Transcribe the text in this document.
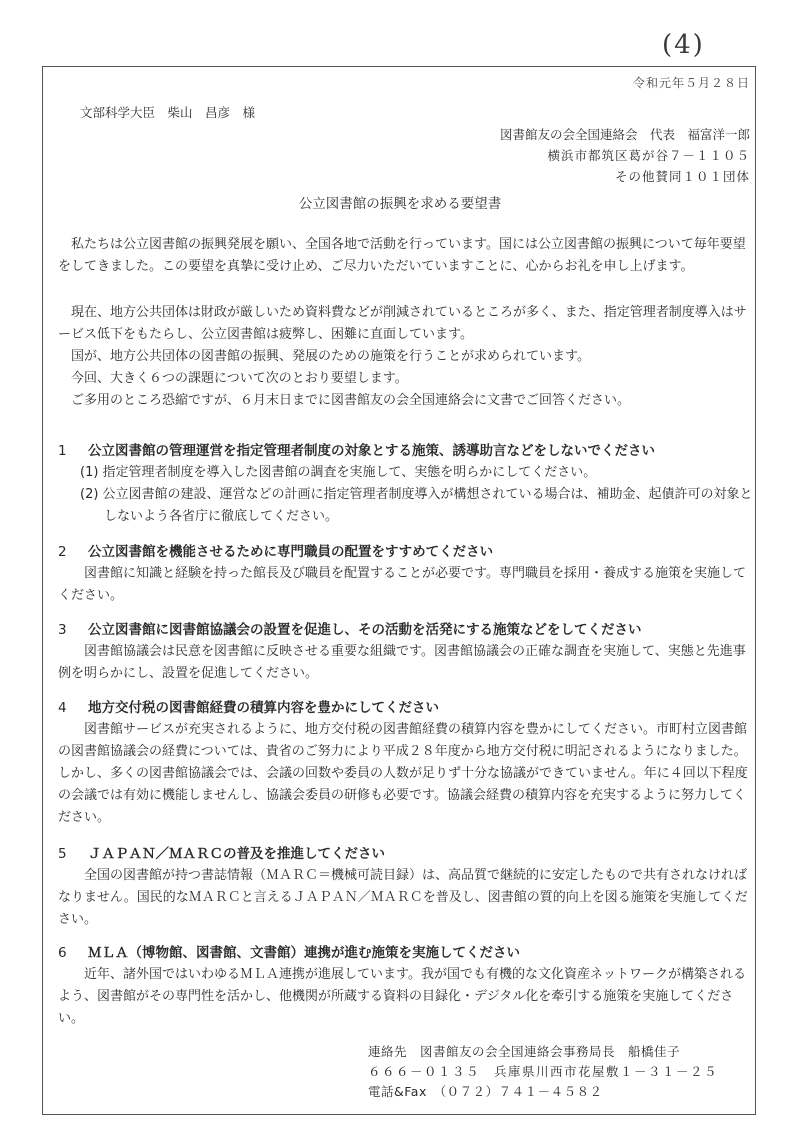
(4)
令和元年５月２８日
文部科学大臣　柴山　昌彦　様
図書館友の会全国連絡会　代表　福富洋一郎
横浜市都筑区葛が谷７－１１０５
その他賛同１０１団体
公立図書館の振興を求める要望書

私たちは公立図書館の振興発展を願い、全国各地で活動を行っています。国には公立図書館の振興について毎年要望をしてきました。この要望を真摯に受け止め、ご尽力いただいていますことに、心からお礼を申し上げます。

現在、地方公共団体は財政が厳しいため資料費などが削減されているところが多く、また、指定管理者制度導入はサービス低下をもたらし、公立図書館は疲弊し、困難に直面しています。

国が、地方公共団体の図書館の振興、発展のための施策を行うことが求められています。

今回、大きく６つの課題について次のとおり要望します。

ご多用のところ恐縮ですが、６月末日までに図書館友の会全国連絡会に文書でご回答ください。

1 公立図書館の管理運営を指定管理者制度の対象とする施策、誘導助言などをしないでください

(1) 指定管理者制度を導入した図書館の調査を実施して、実態を明らかにしてください。

(2) 公立図書館の建設、運営などの計画に指定管理者制度導入が構想されている場合は、補助金、起債許可の対象としないよう各省庁に徹底してください。

2 公立図書館を機能させるために専門職員の配置をすすめてください

図書館に知識と経験を持った館長及び職員を配置することが必要です。専門職員を採用・養成する施策を実施してください。

3 公立図書館に図書館協議会の設置を促進し、その活動を活発にする施策などをしてください

図書館協議会は民意を図書館に反映させる重要な組織です。図書館協議会の正確な調査を実施して、実態と先進事例を明らかにし、設置を促進してください。

4 地方交付税の図書館経費の積算内容を豊かにしてください

図書館サービスが充実されるように、地方交付税の図書館経費の積算内容を豊かにしてください。市町村立図書館の図書館協議会の経費については、貴省のご努力により平成２８年度から地方交付税に明記されるようになりました。しかし、多くの図書館協議会では、会議の回数や委員の人数が足りず十分な協議ができていません。年に４回以下程度の会議では有効に機能しませんし、協議会委員の研修も必要です。協議会経費の積算内容を充実するように努力してください。

5 ＪＡＰＡＮ／ＭＡＲＣの普及を推進してください

全国の図書館が持つ書誌情報（ＭＡＲＣ＝機械可読目録）は、高品質で継続的に安定したもので共有されなければなりません。国民的なＭＡＲＣと言えるＪＡＰＡＮ／ＭＡＲＣを普及し、図書館の質的向上を図る施策を実施してください。

6 ＭＬＡ（博物館、図書館、文書館）連携が進む施策を実施してください

近年、諸外国ではいわゆるＭＬＡ連携が進展しています。我が国でも有機的な文化資産ネットワークが構築されるよう、図書館がその専門性を活かし、他機関が所蔵する資料の目録化・デジタル化を牽引する施策を実施してください。

連絡先　図書館友の会全国連絡会事務局長　船橋佳子
６６６－０１３５　兵庫県川西市花屋敷１－３１－２５
電話&Fax　（０７２）７４１－４５８２
